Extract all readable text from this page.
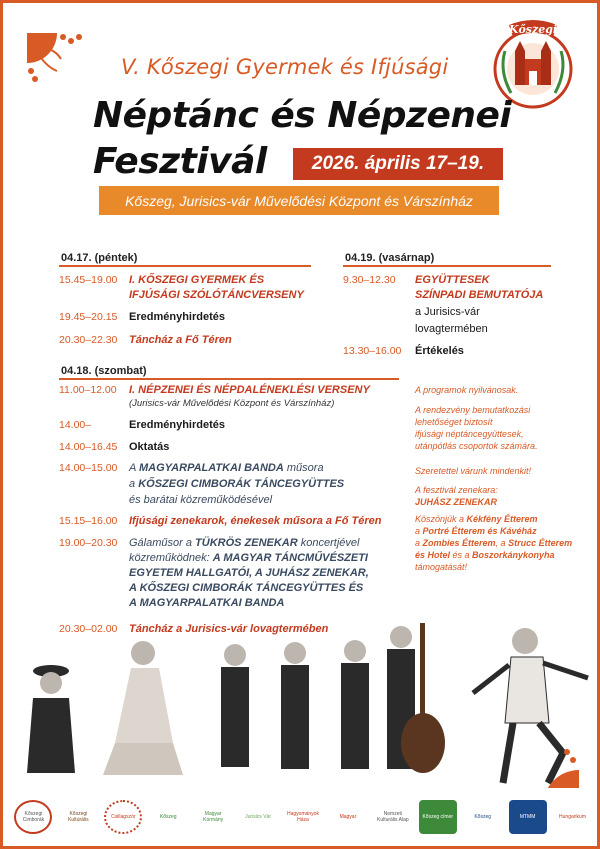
Kőszegi
V. Kőszegi Gyermek és Ifjúsági
Néptánc és Népzenei
Fesztivál	2026. április 17–19.
Kőszeg, Jurisics-vár Művelődési Központ és Várszínház
04.17. (péntek)
15.45–19.00 I. KŐSZEGI GYERMEK ÉS
IFJÚSÁGI SZÓLÓTÁNCVERSENY
19.45–20.15 Eredményhirdetés
20.30–22.30 Táncház a Fő Téren
04.19. (vasárnap)
9.30–12.30 EGYÜTTESEK
SZÍNPADI BEMUTATÓJA
a Jurisics-vár
lovagtermében
13.30–16.00 Értékelés
04.18. (szombat)
11.00–12.00 I. NÉPZENEI ÉS NÉPDALÉNEKLÉSI VERSENY
(Jurisics-vár Művelődési Központ és Várszínház)
14.00–	Eredményhirdetés
14.00–16.45 Oktatás
14.00–15.00 A MAGYARPALATKAI BANDA műsora
a KŐSZEGI CIMBORÁK TÁNCEGYÜTTES
és barátai közreműködésével
15.15–16.00 Ifjúsági zenekarok, énekesek műsora a Fő Téren
19.00–20.30 Gálaműsor a TÜKRÖS ZENEKAR koncertjével
közreműködnek: A MAGYAR TÁNCMŰVÉSZETI
EGYETEM HALLGATÓI, A JUHÁSZ ZENEKAR,
A KŐSZEGI CIMBORÁK TÁNCEGYÜTTES ÉS
A MAGYARPALATKAI BANDA
20.30–02.00 Táncház a Jurisics-vár lovagtermében
A programok nyilvánosak.
A rendezvény bemutatkozási
lehetőséget biztosít
ifjúsági néptáncegyüttesek,
utánpótlás csoportok számára.
Szeretettel várunk mindenkit!
A fesztivál zenekara:
JUHÁSZ ZENEKAR
Köszönjük a Kékfény Étterem
a Portré Étterem és Kávéház
a Zombies Étterem, a Strucc Étterem
és Hotel és a Boszorkánykonyha
támogatását!
Kőszegi Cimborák
Kőszegi Kultúrális	Csillagszór	Kőszeg	Magyar Kormány	Jurisics Vár	Hagyományok Háza	Magyar	Nemzeti Kulturális Alap	Kőszeg címer	Kőszeg	MTMM	Hungarikum
